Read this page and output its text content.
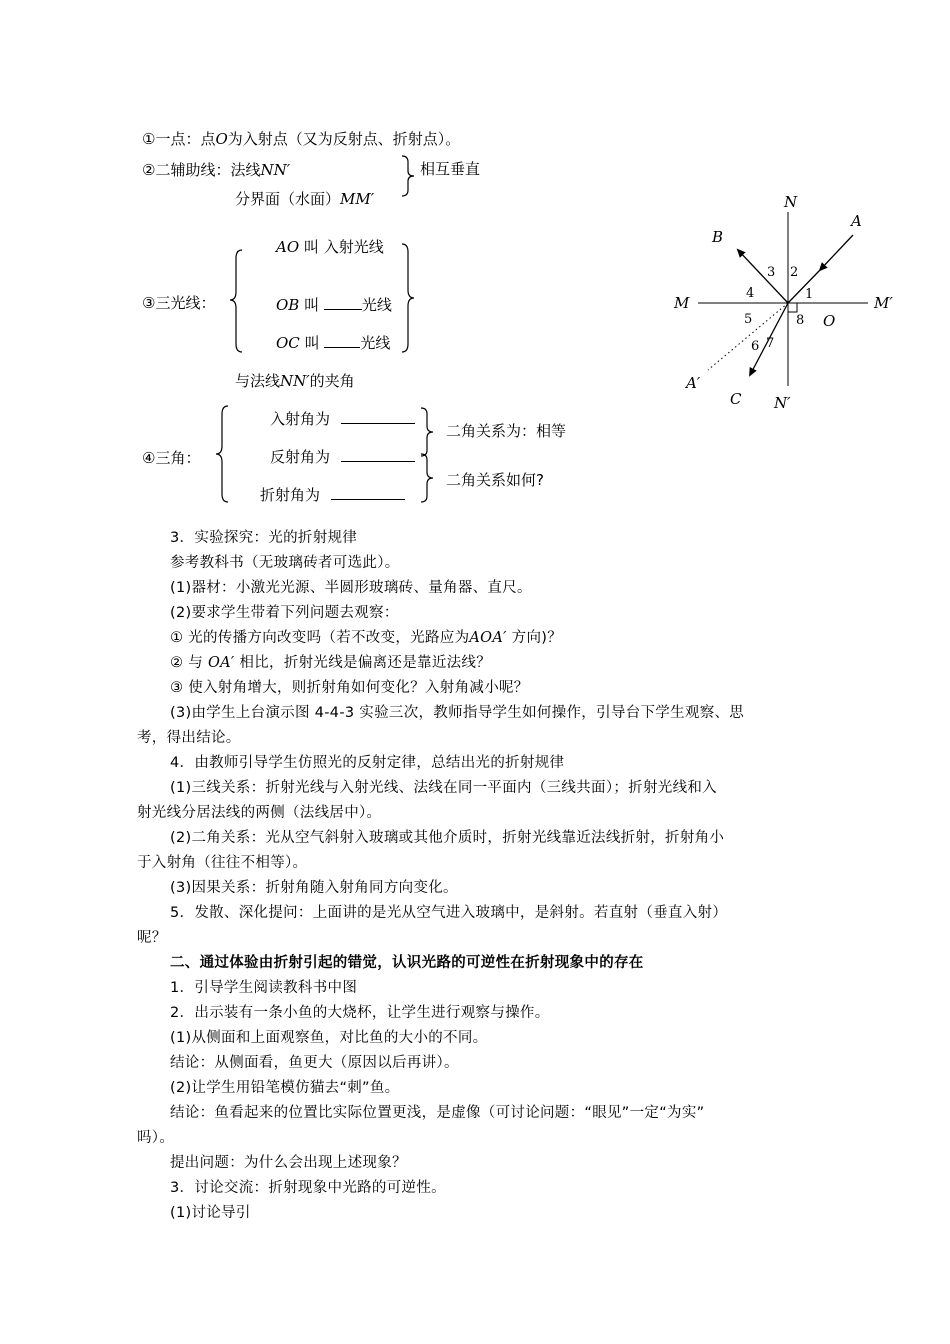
①一点：点O为入射点（又为反射点、折射点）。
②二辅助线：法线NN′
分界面（水面）MM′
相互垂直
③三光线：
AO 叫 入射光线
OB 叫	光线
OC 叫	光线
与法线NN′的夹角
④三角：
入射角为
反射角为
折射角为
二角关系为：相等
二角关系如何?
N
A
B
M	M′
O
A′
C N′
1
2
3
4
5
6 7
8
3．实验探究：光的折射规律
参考教科书（无玻璃砖者可选此）。
(1)器材：小激光光源、半圆形玻璃砖、量角器、直尺。
(2)要求学生带着下列问题去观察：
① 光的传播方向改变吗（若不改变，光路应为AOA′ 方向)？
② 与 OA′ 相比，折射光线是偏离还是靠近法线？
③ 使入射角增大，则折射角如何变化？入射角减小呢？
(3)由学生上台演示图 4-4-3 实验三次，教师指导学生如何操作，引导台下学生观察、思
考，得出结论。
4．由教师引导学生仿照光的反射定律，总结出光的折射规律
(1)三线关系：折射光线与入射光线、法线在同一平面内（三线共面）；折射光线和入
射光线分居法线的两侧（法线居中）。
(2)二角关系：光从空气斜射入玻璃或其他介质时，折射光线靠近法线折射，折射角小
于入射角（往往不相等）。
(3)因果关系：折射角随入射角同方向变化。
5．发散、深化提问：上面讲的是光从空气进入玻璃中，是斜射。若直射（垂直入射）
呢？
二、通过体验由折射引起的错觉，认识光路的可逆性在折射现象中的存在
1．引导学生阅读教科书中图
2．出示装有一条小鱼的大烧杯，让学生进行观察与操作。
(1)从侧面和上面观察鱼，对比鱼的大小的不同。
结论：从侧面看，鱼更大（原因以后再讲）。
(2)让学生用铅笔模仿猫去“刺”鱼。
结论：鱼看起来的位置比实际位置更浅，是虚像（可讨论问题：“眼见”一定“为实”
吗）。
提出问题：为什么会出现上述现象？
3．讨论交流：折射现象中光路的可逆性。
(1)讨论导引
